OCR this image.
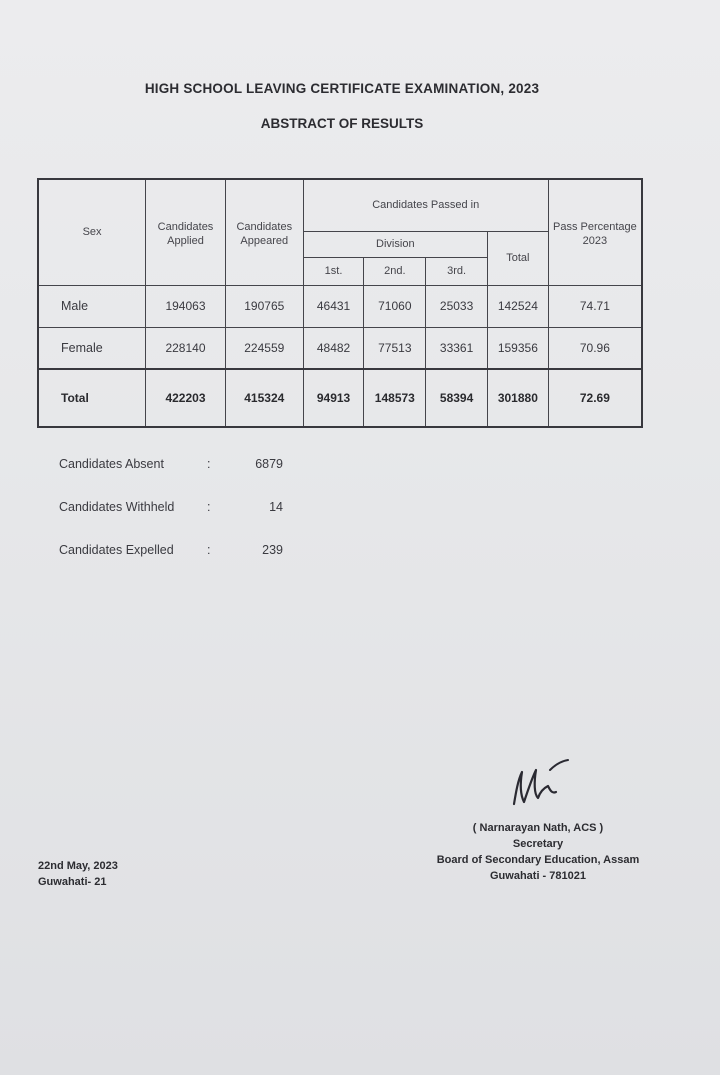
HIGH SCHOOL LEAVING CERTIFICATE EXAMINATION, 2023
ABSTRACT OF RESULTS
Sex	Candidates Applied	Candidates Appeared	Candidates Passed in				Pass Percentage 2023
			Division			Total	
			1st.	2nd.	3rd.		
Male	194063	190765	46431	71060	25033	142524	74.71
Female	228140	224559	48482	77513	33361	159356	70.96
Total	422203	415324	94913	148573	58394	301880	72.69
Candidates Absent	:	6879
Candidates Withheld	:	14
Candidates Expelled	:	239
22nd May, 2023
Guwahati- 21
( Narnarayan Nath, ACS )
Secretary
Board of Secondary Education, Assam
Guwahati - 781021
